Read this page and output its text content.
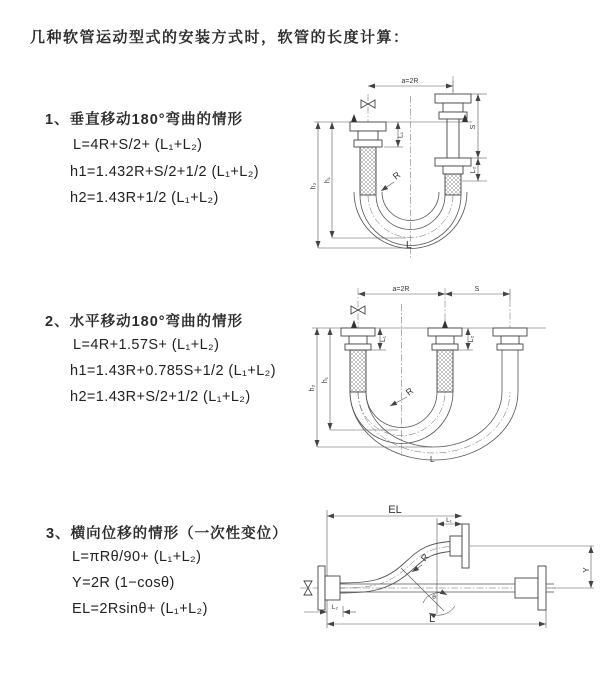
几种软管运动型式的安装方式时，软管的长度计算：
1、垂直移动180°弯曲的情形
L=4R+S/2+ (L₁+L₂)
h1=1.432R+S/2+1/2 (L₁+L₂)
h2=1.43R+1/2 (L₁+L₂)
a=2R
L₁
S
L₂
h₁
h₂
R
L
2、水平移动180°弯曲的情形
L=4R+1.57S+ (L₁+L₂)
h1=1.43R+0.785S+1/2 (L₁+L₂)
h2=1.43R+S/2+1/2 (L₁+L₂)
a=2R	S
L₁	L₂
h₁
h₂	R
L
3、横向位移的情形（一次性变位）
L=πRθ/90+ (L₁+L₂)
Y=2R (1−cosθ)
EL=2Rsinθ+ (L₁+L₂)
EL
L₁
L₂
R
Y
θ
L
